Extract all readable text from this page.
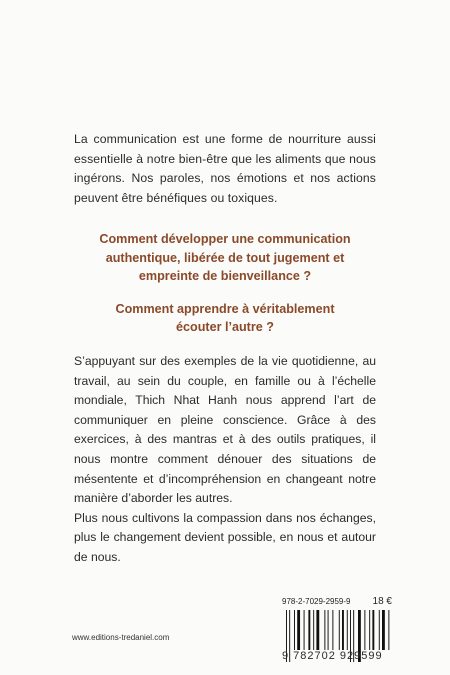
La communication est une forme de nourriture aussi essentielle à notre bien-être que les aliments que nous ingérons. Nos paroles, nos émotions et nos actions peuvent être bénéfiques ou toxiques.

Comment développer une communication authentique, libérée de tout jugement et empreinte de bienveillance ?

Comment apprendre à véritablement écouter l’autre ?

S’appuyant sur des exemples de la vie quotidienne, au travail, au sein du couple, en famille ou à l’échelle mondiale, Thich Nhat Hanh nous apprend l’art de communiquer en pleine conscience. Grâce à des exercices, à des mantras et à des outils pratiques, il nous montre comment dénouer des situations de mésentente et d’incompréhension en changeant notre manière d’aborder les autres.

Plus nous cultivons la compassion dans nos échanges, plus le changement devient possible, en nous et autour de nous.

www.editions-tredaniel.com
978-2-7029-2959-9 18 €
